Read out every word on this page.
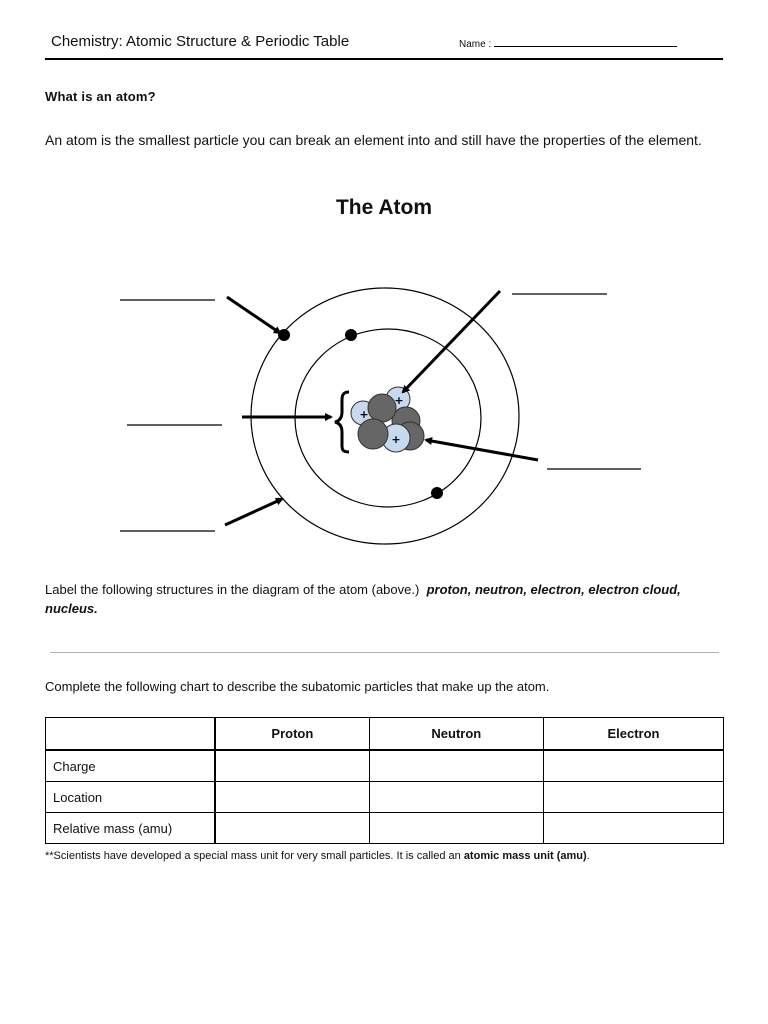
Chemistry: Atomic Structure & Periodic Table	Name :
What is an atom?
An atom is the smallest particle you can break an element into and still have the properties of the element.
The Atom
+
+
+
Label the following structures in the diagram of the atom (above.) proton, neutron, electron, electron cloud, nucleus.
Complete the following chart to describe the subatomic particles that make up the atom.
	Proton	Neutron	Electron
Charge			
Location			
Relative mass (amu)			
**Scientists have developed a special mass unit for very small particles. It is called an atomic mass unit (amu).
